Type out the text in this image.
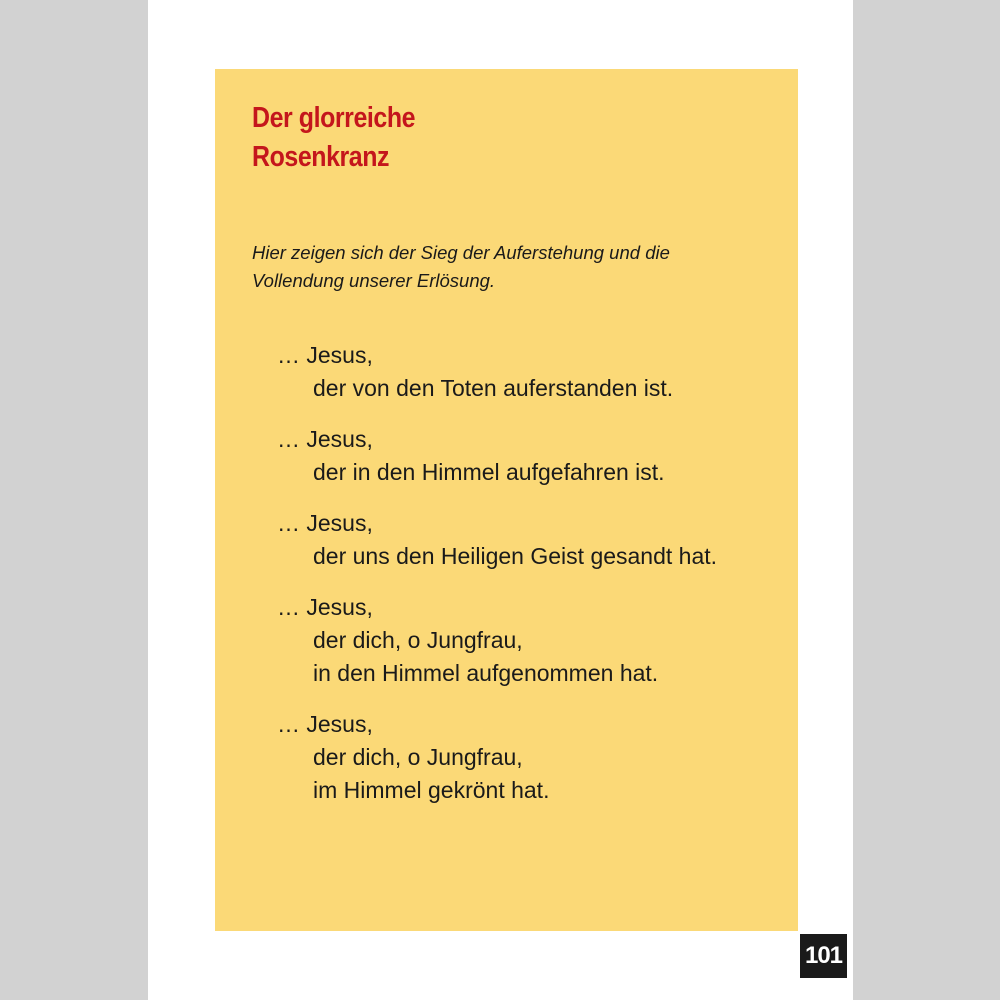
Der glorreiche
Rosenkranz

Hier zeigen sich der Sieg der Auferstehung und die
Vollendung unserer Erlösung.

… Jesus,
der von den Toten auferstanden ist.
… Jesus,
der in den Himmel aufgefahren ist.
… Jesus,
der uns den Heiligen Geist gesandt hat.
… Jesus,
der dich, o Jungfrau,
in den Himmel aufgenommen hat.
… Jesus,
der dich, o Jungfrau,
im Himmel gekrönt hat.
101
